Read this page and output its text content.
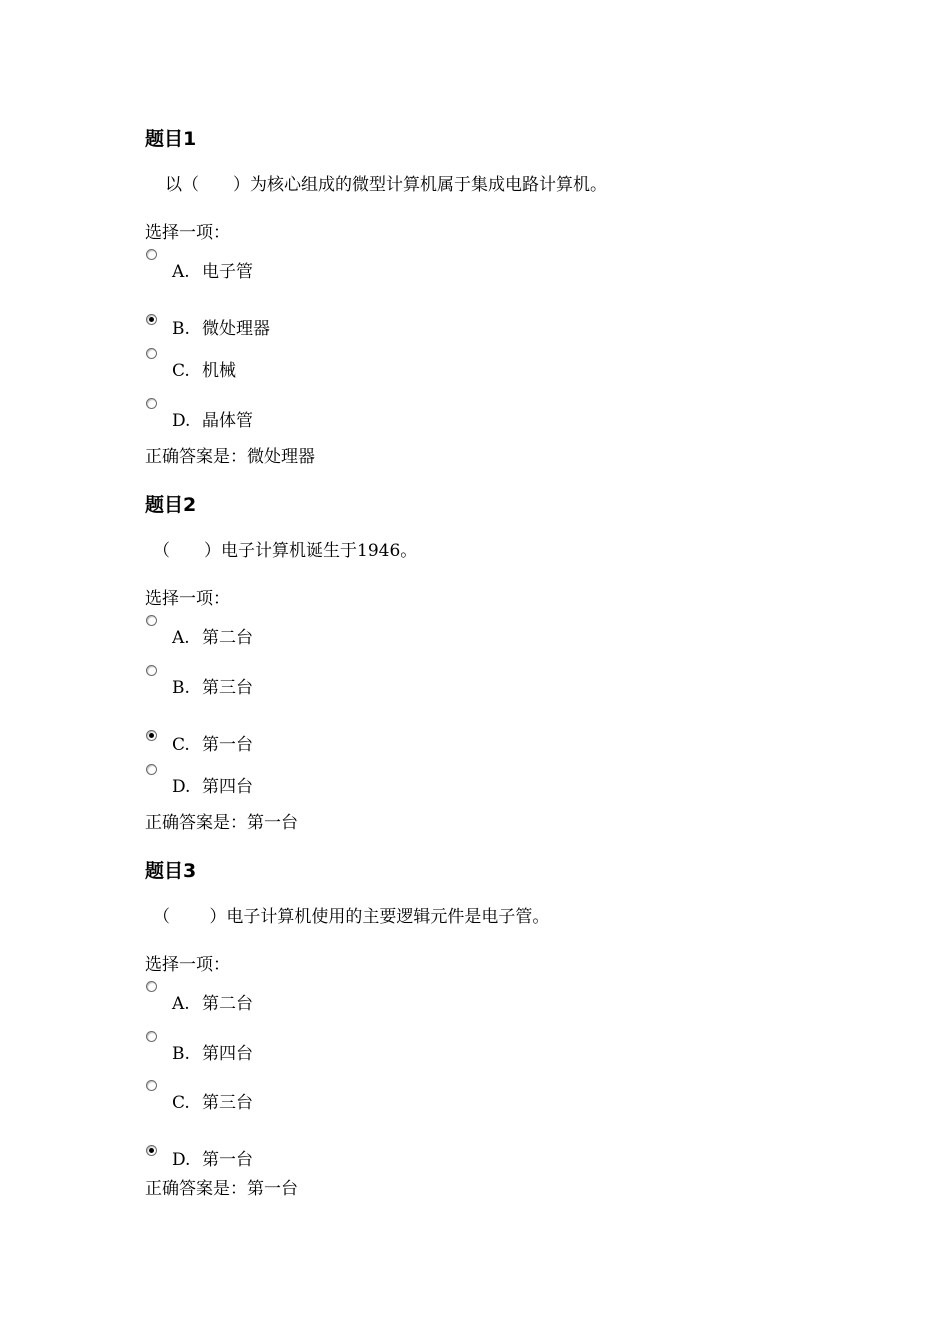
题目1
以（　　）为核心组成的微型计算机属于集成电路计算机。
选择一项：
A. 电子管
B. 微处理器
C. 机械
D. 晶体管
正确答案是：微处理器
题目2
（　　）电子计算机诞生于1946。
选择一项：
A. 第二台
B. 第三台
C. 第一台
D. 第四台
正确答案是：第一台
题目3
（　　 ）电子计算机使用的主要逻辑元件是电子管。
选择一项：
A. 第二台
B. 第四台
C. 第三台
D. 第一台
正确答案是：第一台
